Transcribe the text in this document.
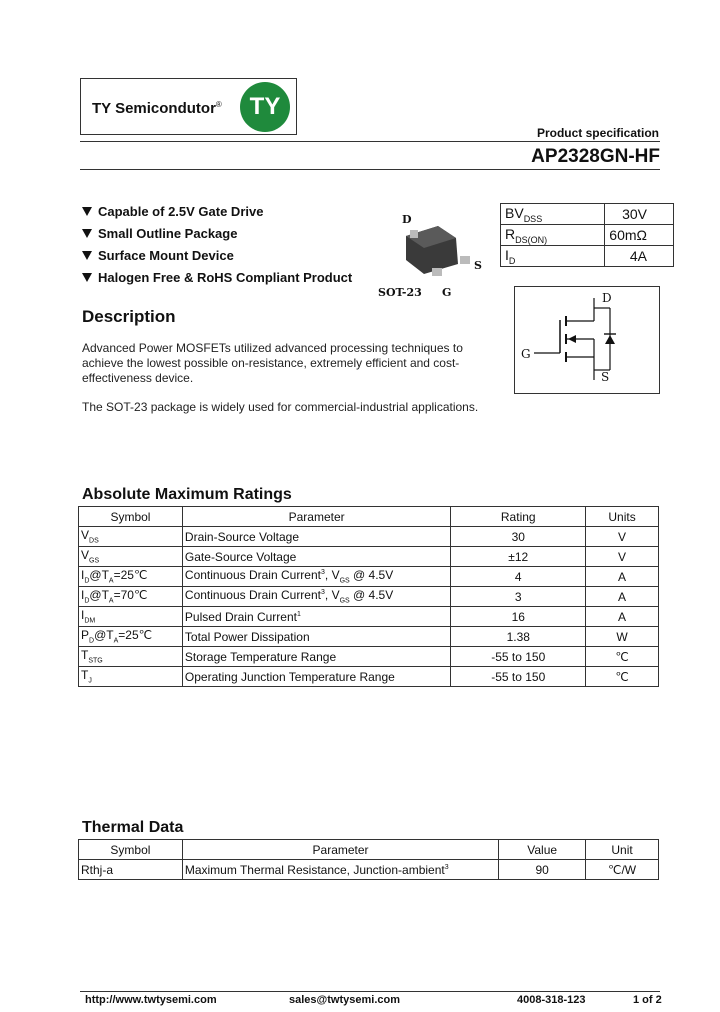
TY Semicondutor®	TY
Product specification
AP2328GN-HF
Capable of 2.5V Gate Drive
Small Outline Package
Surface Mount Device
Halogen Free & RoHS Compliant Product
D
S
G
SOT-23
$BV_{DSS}$	30V
$R_{DS(ON)}$	60mΩ
$I_D$	4A
D
G
S
Description
Advanced Power MOSFETs utilized advanced processing techniques to achieve the lowest possible on-resistance, extremely efficient and cost-effectiveness device.
The SOT-23 package is widely used for commercial-industrial applications.
Absolute Maximum Ratings
Symbol	Parameter	Rating	Units
$V_{DS}$	Drain-Source Voltage	30	V
$V_{GS}$	Gate-Source Voltage	±12	V
$I_D@T_A=25℃$	Continuous Drain Current$^3$, $V_{GS}$ @ 4.5V	4	A
$I_D@T_A=70℃$	Continuous Drain Current$^3$, $V_{GS}$ @ 4.5V	3	A
$I_{DM}$	Pulsed Drain Current$^1$	16	A
$P_D@T_A=25℃$	Total Power Dissipation	1.38	W
$T_{STG}$	Storage Temperature Range	-55 to 150	℃
$T_J$	Operating Junction Temperature Range	-55 to 150	℃
Thermal Data
Symbol	Parameter	Value	Unit
Rthj-a	Maximum Thermal Resistance, Junction-ambient$^3$	90	℃/W
http://www.twtysemi.com	sales@twtysemi.com	4008-318-123	1 of 2
